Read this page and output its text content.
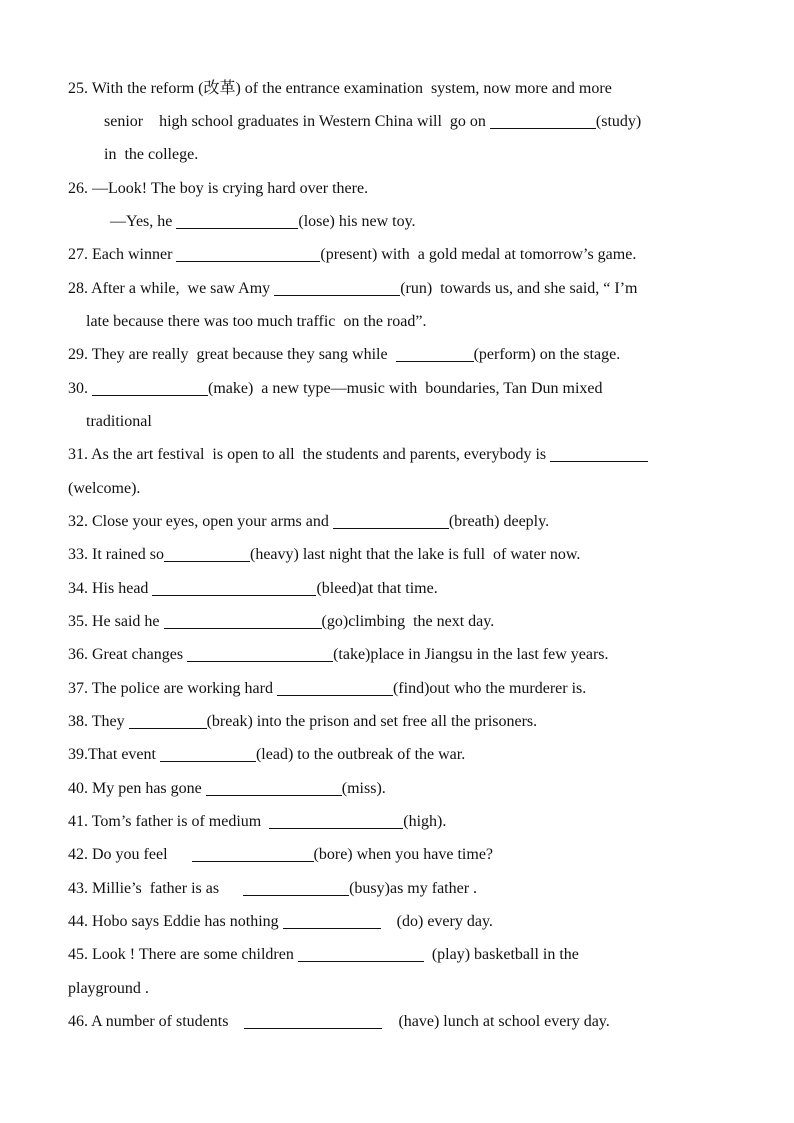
25. With the reform (改革) of the entrance examination  system, now more and more

senior    high school graduates in Western China will  go on	(study)

in  the college.

26. —Look! The boy is crying hard over there.

—Yes, he	(lose) his new toy.

27. Each winner	(present) with  a gold medal at tomorrow’s game.

28. After a while,  we saw Amy	(run)  towards us, and she said, “ I’m

late because there was too much traffic  on the road”.

29. They are really  great because they sang while	(perform) on the stage.

30.	(make)  a new type—music with  boundaries, Tan Dun mixed

traditional

31. As the art festival  is open to all  the students and parents, everybody is

(welcome).

32. Close your eyes, open your arms and	(breath) deeply.

33. It rained so	(heavy) last night that the lake is full  of water now.

34. His head	(bleed)at that time.

35. He said he	(go)climbing  the next day.

36. Great changes	(take)place in Jiangsu in the last few years.

37. The police are working hard	(find)out who the murderer is.

38. They	(break) into the prison and set free all the prisoners.

39.That event	(lead) to the outbreak of the war.

40. My pen has gone	(miss).

41. Tom’s father is of medium	(high).

42. Do you feel	(bore) when you have time?

43. Millie’s  father is as	(busy)as my father .

44. Hobo says Eddie has nothing	(do) every day.

45. Look ! There are some children	(play) basketball in the

playground .

46. A number of students	(have) lunch at school every day.
